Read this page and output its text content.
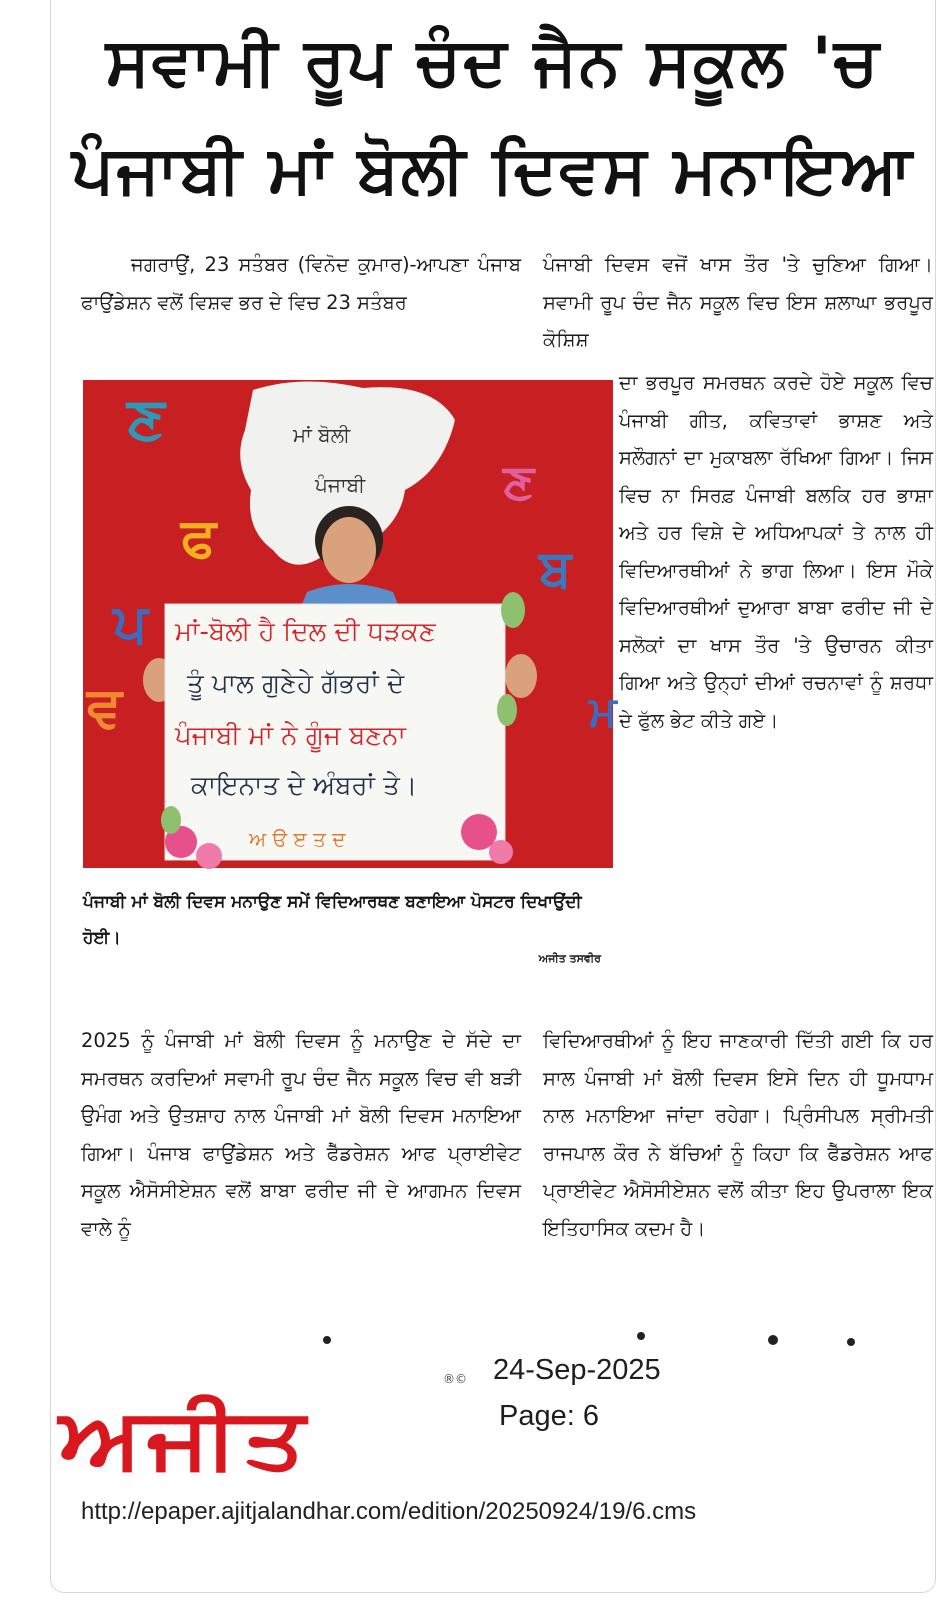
ਸਵਾਮੀ ਰੂਪ ਚੰਦ ਜੈਨ ਸਕੂਲ 'ਚ
ਪੰਜਾਬੀ ਮਾਂ ਬੋਲੀ ਦਿਵਸ ਮਨਾਇਆ
ਜਗਰਾਉਂ, 23 ਸਤੰਬਰ (ਵਿਨੋਦ ਕੁਮਾਰ)-ਆਪਣਾ ਪੰਜਾਬ ਫਾਉਂਡੇਸ਼ਨ ਵਲੋਂ ਵਿਸ਼ਵ ਭਰ ਦੇ ਵਿਚ 23 ਸਤੰਬਰ
ਪੰਜਾਬੀ ਦਿਵਸ ਵਜੋਂ ਖਾਸ ਤੌਰ 'ਤੇ ਚੁਣਿਆ ਗਿਆ। ਸਵਾਮੀ ਰੂਪ ਚੰਦ ਜੈਨ ਸਕੂਲ ਵਿਚ ਇਸ ਸ਼ਲਾਘਾ ਭਰਪੂਰ ਕੋਸ਼ਿਸ਼
ਮਾਂ ਬੋਲੀ
ਪੰਜਾਬੀ
ਣ
ਣ
ਫ	ਬ
ਪ
ਵ	ਮ
ਮਾਂ-ਬੋਲੀ ਹੈ ਦਿਲ ਦੀ ਧੜਕਣ
ਤੂੰ ਪਾਲ ਗੁਣੇਹੇ ਗੱਭਰਾਂ ਦੇ
ਪੰਜਾਬੀ ਮਾਂ ਨੇ ਗੂੰਜ ਬਣਨਾ
ਕਾਇਨਾਤ ਦੇ ਅੰਬਰਾਂ ਤੇ।
ਅ ੳ ੲ ਤ ਦ
ਦਾ ਭਰਪੂਰ ਸਮਰਥਨ ਕਰਦੇ ਹੋਏ ਸਕੂਲ ਵਿਚ ਪੰਜਾਬੀ ਗੀਤ, ਕਵਿਤਾਵਾਂ ਭਾਸ਼ਣ ਅਤੇ ਸਲੌਗਨਾਂ ਦਾ ਮੁਕਾਬਲਾ ਰੱਖਿਆ ਗਿਆ। ਜਿਸ ਵਿਚ ਨਾ ਸਿਰਫ਼ ਪੰਜਾਬੀ ਬਲਕਿ ਹਰ ਭਾਸ਼ਾ ਅਤੇ ਹਰ ਵਿਸ਼ੇ ਦੇ ਅਧਿਆਪਕਾਂ ਤੇ ਨਾਲ ਹੀ ਵਿਦਿਆਰਥੀਆਂ ਨੇ ਭਾਗ ਲਿਆ। ਇਸ ਮੌਕੇ ਵਿਦਿਆਰਥੀਆਂ ਦੁਆਰਾ ਬਾਬਾ ਫਰੀਦ ਜੀ ਦੇ ਸਲੋਕਾਂ ਦਾ ਖਾਸ ਤੌਰ 'ਤੇ ਉਚਾਰਨ ਕੀਤਾ ਗਿਆ ਅਤੇ ਉਨ੍ਹਾਂ ਦੀਆਂ ਰਚਨਾਵਾਂ ਨੂੰ ਸ਼ਰਧਾ ਦੇ ਫੁੱਲ ਭੇਟ ਕੀਤੇ ਗਏ।
ਪੰਜਾਬੀ ਮਾਂ ਬੋਲੀ ਦਿਵਸ ਮਨਾਉਣ ਸਮੇਂ ਵਿਦਿਆਰਥਣ ਬਣਾਇਆ ਪੋਸਟਰ ਦਿਖਾਉਂਦੀ ਹੋਈ।
ਅਜੀਤ ਤਸਵੀਰ
2025 ਨੂੰ ਪੰਜਾਬੀ ਮਾਂ ਬੋਲੀ ਦਿਵਸ ਨੂੰ ਮਨਾਉਣ ਦੇ ਸੱਦੇ ਦਾ ਸਮਰਥਨ ਕਰਦਿਆਂ ਸਵਾਮੀ ਰੂਪ ਚੰਦ ਜੈਨ ਸਕੂਲ ਵਿਚ ਵੀ ਬੜੀ ਉਮੰਗ ਅਤੇ ਉਤਸ਼ਾਹ ਨਾਲ ਪੰਜਾਬੀ ਮਾਂ ਬੋਲੀ ਦਿਵਸ ਮਨਾਇਆ ਗਿਆ। ਪੰਜਾਬ ਫਾਉਂਡੇਸ਼ਨ ਅਤੇ ਫੈੱਡਰੇਸ਼ਨ ਆਫ ਪ੍ਰਾਈਵੇਟ ਸਕੂਲ ਐਸੋਸੀਏਸ਼ਨ ਵਲੋਂ ਬਾਬਾ ਫਰੀਦ ਜੀ ਦੇ ਆਗਮਨ ਦਿਵਸ ਵਾਲੇ ਨੂੰ
ਵਿਦਿਆਰਥੀਆਂ ਨੂੰ ਇਹ ਜਾਣਕਾਰੀ ਦਿੱਤੀ ਗਈ ਕਿ ਹਰ ਸਾਲ ਪੰਜਾਬੀ ਮਾਂ ਬੋਲੀ ਦਿਵਸ ਇਸੇ ਦਿਨ ਹੀ ਧੂਮਧਾਮ ਨਾਲ ਮਨਾਇਆ ਜਾਂਦਾ ਰਹੇਗਾ। ਪ੍ਰਿੰਸੀਪਲ ਸ੍ਰੀਮਤੀ ਰਾਜਪਾਲ ਕੌਰ ਨੇ ਬੱਚਿਆਂ ਨੂੰ ਕਿਹਾ ਕਿ ਫੈੱਡਰੇਸ਼ਨ ਆਫ ਪ੍ਰਾਈਵੇਟ ਐਸੋਸੀਏਸ਼ਨ ਵਲੋਂ ਕੀਤਾ ਇਹ ਉਪਰਾਲਾ ਇਕ ਇਤਿਹਾਸਿਕ ਕਦਮ ਹੈ।
®©
ਅਜੀਤ
24-Sep-2025
Page: 6
http://epaper.ajitjalandhar.com/edition/20250924/19/6.cms
